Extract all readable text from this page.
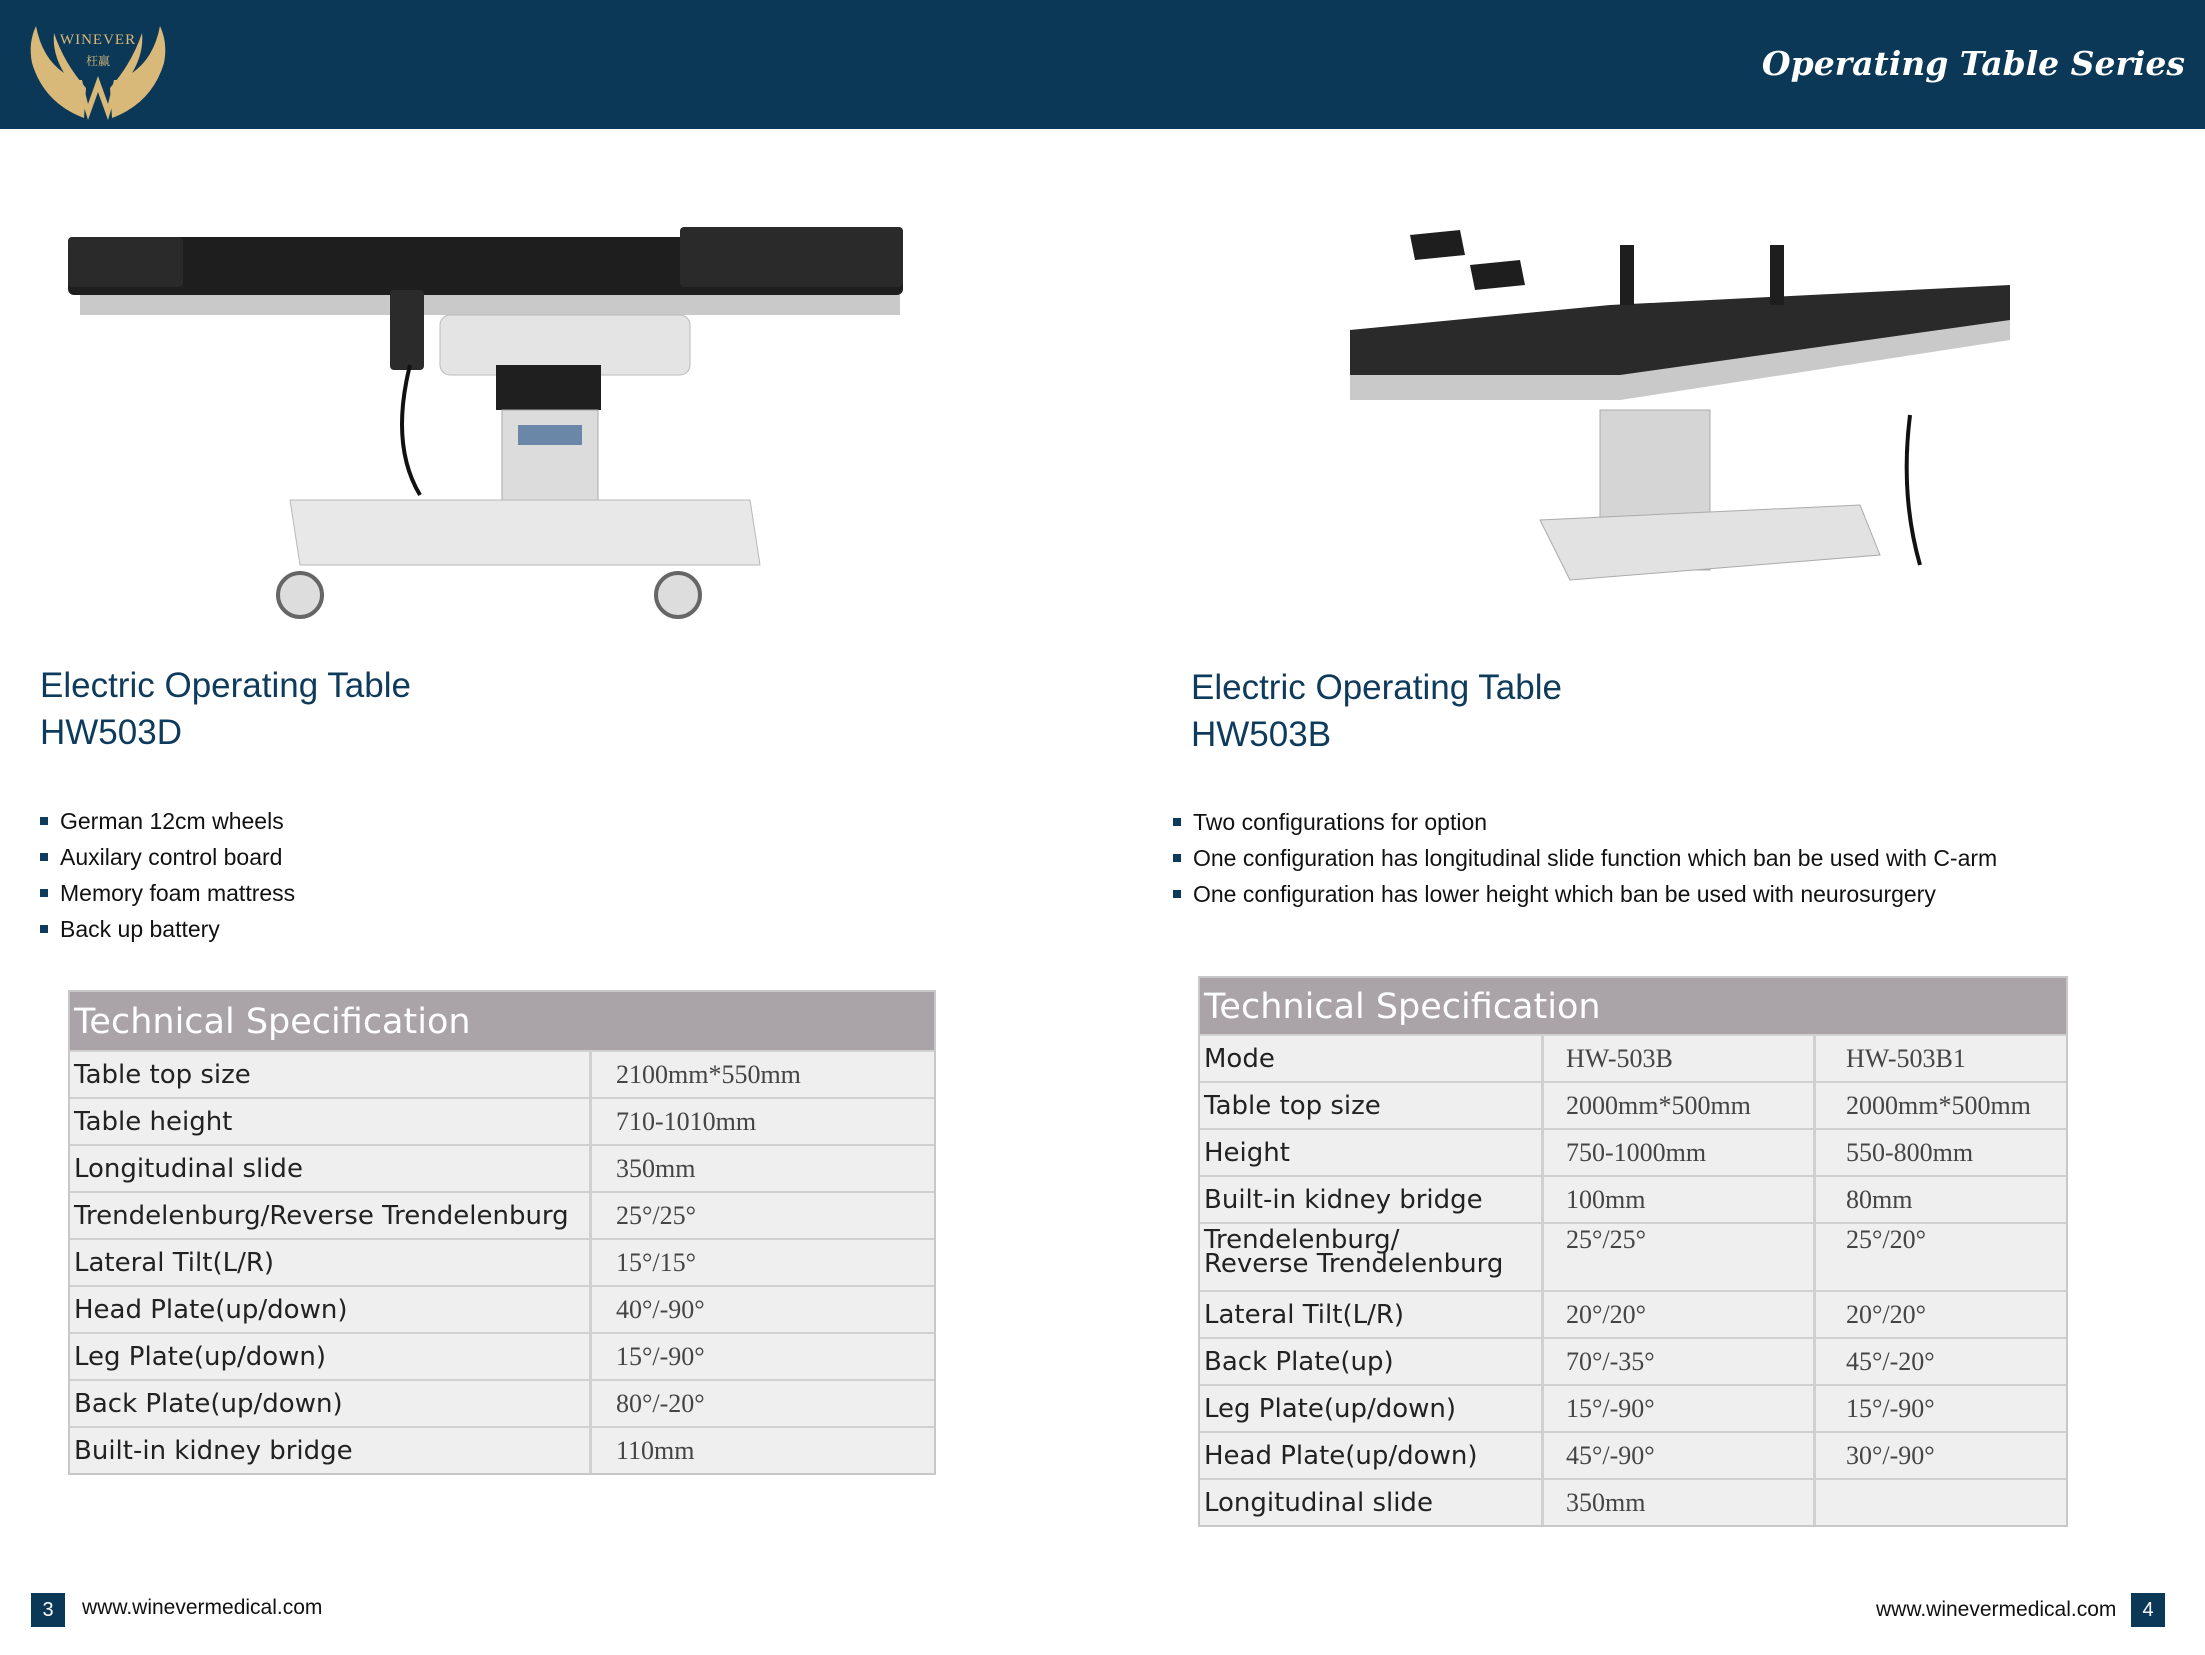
WINEVER
枉赢	Operating Table Series
Electric Operating Table
HW503D
Electric Operating Table
HW503B
German 12cm wheels
Auxilary control board
Memory foam mattress
Back up battery
Two configurations for option
One configuration has longitudinal slide function which ban be used with C-arm
One configuration has lower height which ban be used with neurosurgery
Technical Specification
Table top size	2100mm*550mm
Table height	710-1010mm
Longitudinal slide	350mm
Trendelenburg/Reverse Trendelenburg	25°/25°
Lateral Tilt(L/R)	15°/15°
Head Plate(up/down)	40°/-90°
Leg Plate(up/down)	15°/-90°
Back Plate(up/down)	80°/-20°
Built-in kidney bridge	110mm
Technical Specification
Mode	HW-503B	HW-503B1
Table top size	2000mm*500mm	2000mm*500mm
Height	750-1000mm	550-800mm
Built-in kidney bridge	100mm	80mm
Trendelenburg/
Reverse Trendelenburg
25°/25°	25°/20°
Lateral Tilt(L/R)	20°/20°	20°/20°
Back Plate(up)	70°/-35°	45°/-20°
Leg Plate(up/down)	15°/-90°	15°/-90°
Head Plate(up/down)	45°/-90°	30°/-90°
Longitudinal slide	350mm
3	www.winevermedical.com	www.winevermedical.com	4
